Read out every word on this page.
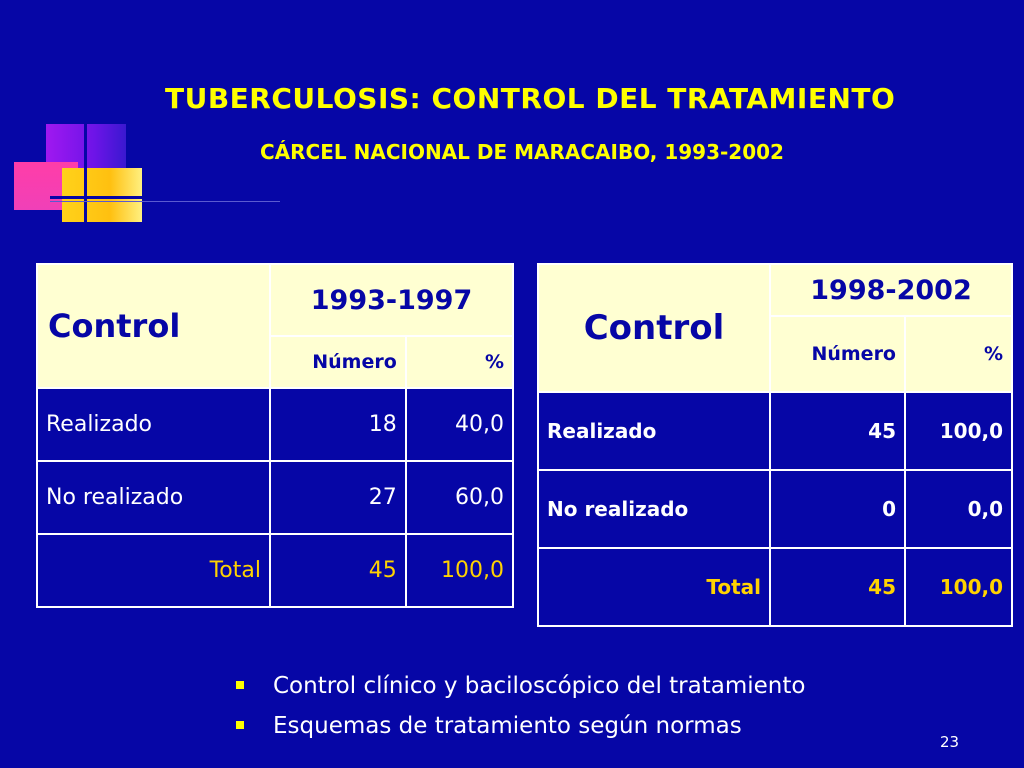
TUBERCULOSIS: CONTROL DEL TRATAMIENTO
CÁRCEL NACIONAL DE MARACAIBO, 1993-2002
Control	1993-1997	
	Número	%
Realizado	18	40,0
No realizado	27	60,0
Total	45	100,0
Control	1998-2002	
	Número	%
Realizado	45	100,0
No realizado	0	0,0
Total	45	100,0
Control clínico y baciloscópico del tratamiento
Esquemas de tratamiento según normas
23
